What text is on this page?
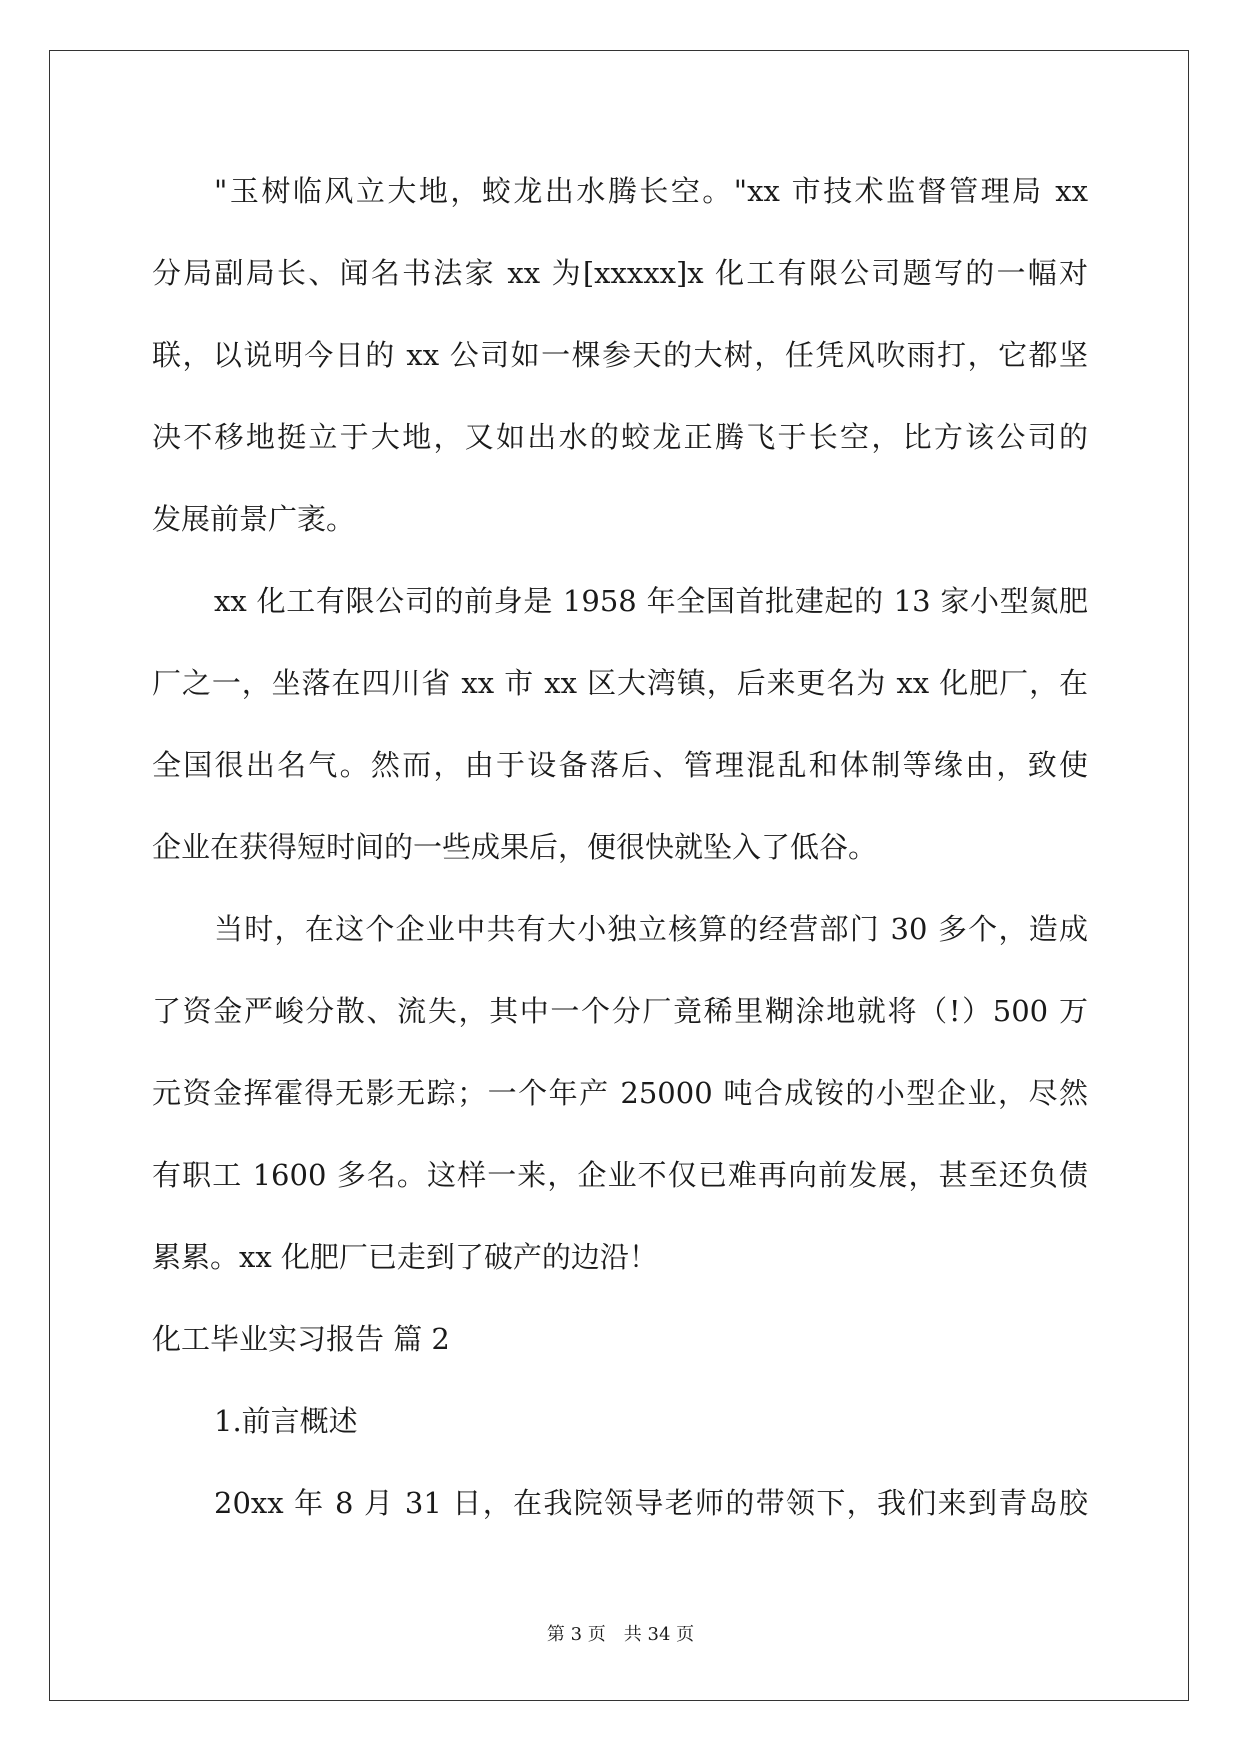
"玉树临风立大地，蛟龙出水腾长空。"xx 市技术监督管理局 xx
分局副局长、闻名书法家 xx 为[xxxxx]x 化工有限公司题写的一幅对
联，以说明今日的 xx 公司如一棵参天的大树，任凭风吹雨打，它都坚
决不移地挺立于大地，又如出水的蛟龙正腾飞于长空，比方该公司的
发展前景广袤。
xx 化工有限公司的前身是 1958 年全国首批建起的 13 家小型氮肥
厂之一，坐落在四川省 xx 市 xx 区大湾镇，后来更名为 xx 化肥厂，在
全国很出名气。然而，由于设备落后、管理混乱和体制等缘由，致使
企业在获得短时间的一些成果后，便很快就坠入了低谷。
当时，在这个企业中共有大小独立核算的经营部门 30 多个，造成
了资金严峻分散、流失，其中一个分厂竟稀里糊涂地就将（!）500 万
元资金挥霍得无影无踪；一个年产 25000 吨合成铵的小型企业，尽然
有职工 1600 多名。这样一来，企业不仅已难再向前发展，甚至还负债
累累。xx 化肥厂已走到了破产的边沿！
化工毕业实习报告 篇 2
1.前言概述
20xx 年 8 月 31 日，在我院领导老师的带领下，我们来到青岛胶
第 3 页 共 34 页
